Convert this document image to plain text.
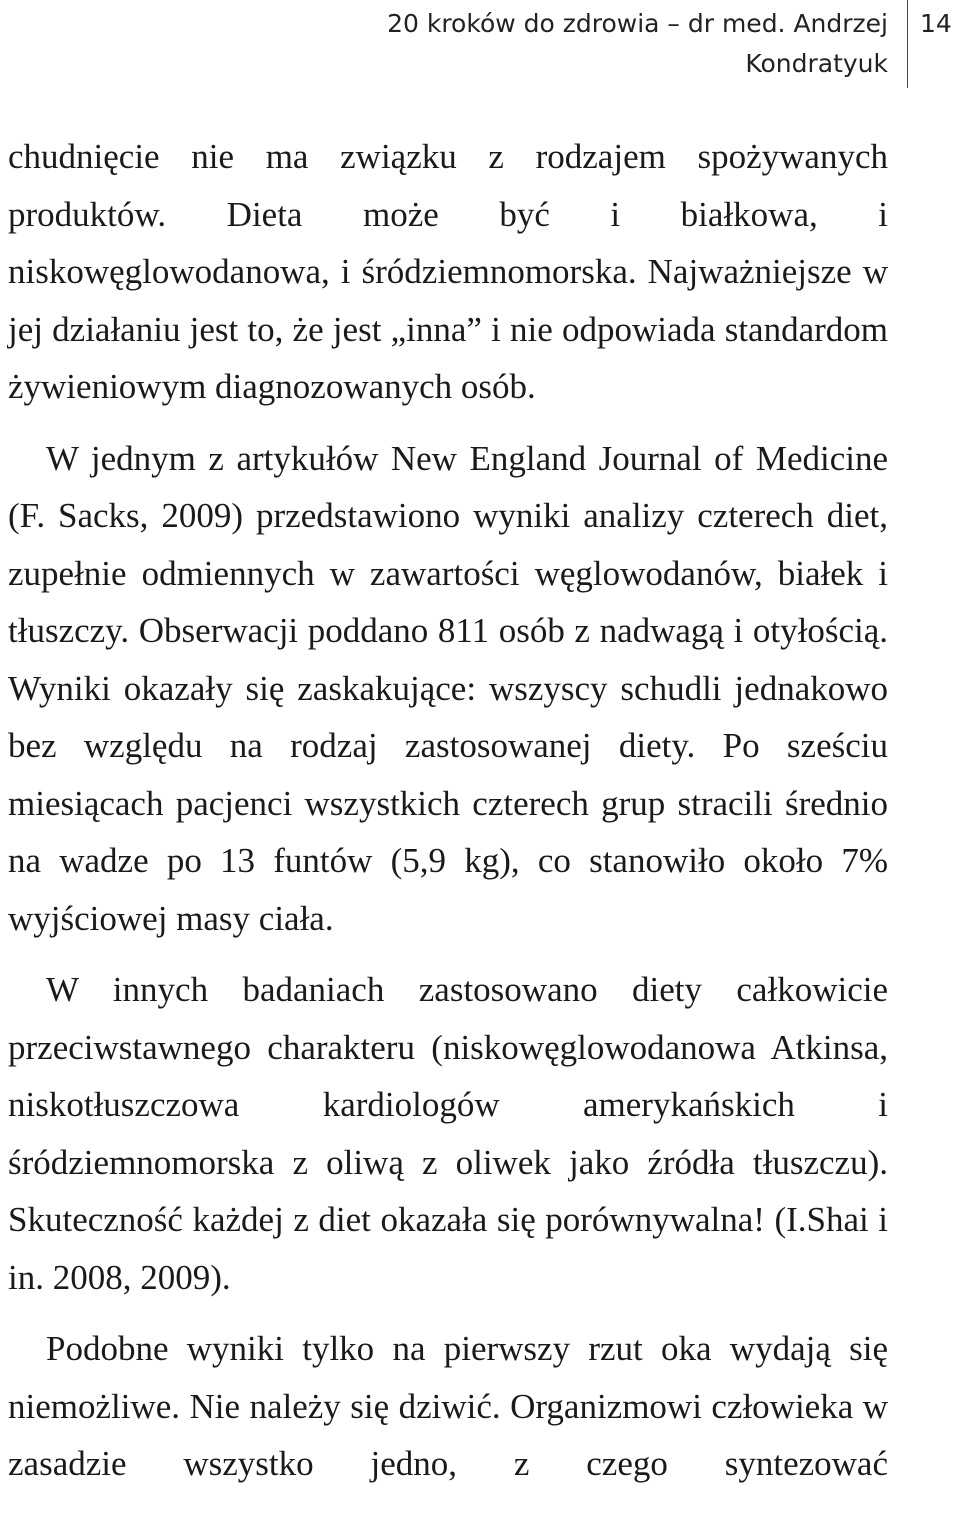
20 kroków do zdrowia – dr med. Andrzej Kondratyuk
14

chudnięcie nie ma związku z rodzajem spożywanych produktów. Dieta może być i białkowa, i niskowęglowodanowa, i śródziemnomorska. Najważniejsze w jej działaniu jest to, że jest „inna” i nie odpowiada standardom żywieniowym diagnozowanych osób.

W jednym z artykułów New England Journal of Medicine (F. Sacks, 2009) przedstawiono wyniki analizy czterech diet, zupełnie odmiennych w zawartości węglowodanów, białek i tłuszczy. Obserwacji poddano 811 osób z nadwagą i otyłością. Wyniki okazały się zaskakujące: wszyscy schudli jednakowo bez względu na rodzaj zastosowanej diety. Po sześciu miesiącach pacjenci wszystkich czterech grup stracili średnio na wadze po 13 funtów (5,9 kg), co stanowiło około 7% wyjściowej masy ciała.

W innych badaniach zastosowano diety całkowicie przeciwstawnego charakteru (niskowęglowodanowa Atkinsa, niskotłuszczowa kardiologów amerykańskich i śródziemnomorska z oliwą z oliwek jako źródła tłuszczu). Skuteczność każdej z diet okazała się porównywalna! (I.Shai i in. 2008, 2009).

Podobne wyniki tylko na pierwszy rzut oka wydają się niemożliwe. Nie należy się dziwić. Organizmowi człowieka w zasadzie wszystko jedno, z czego syntezować
